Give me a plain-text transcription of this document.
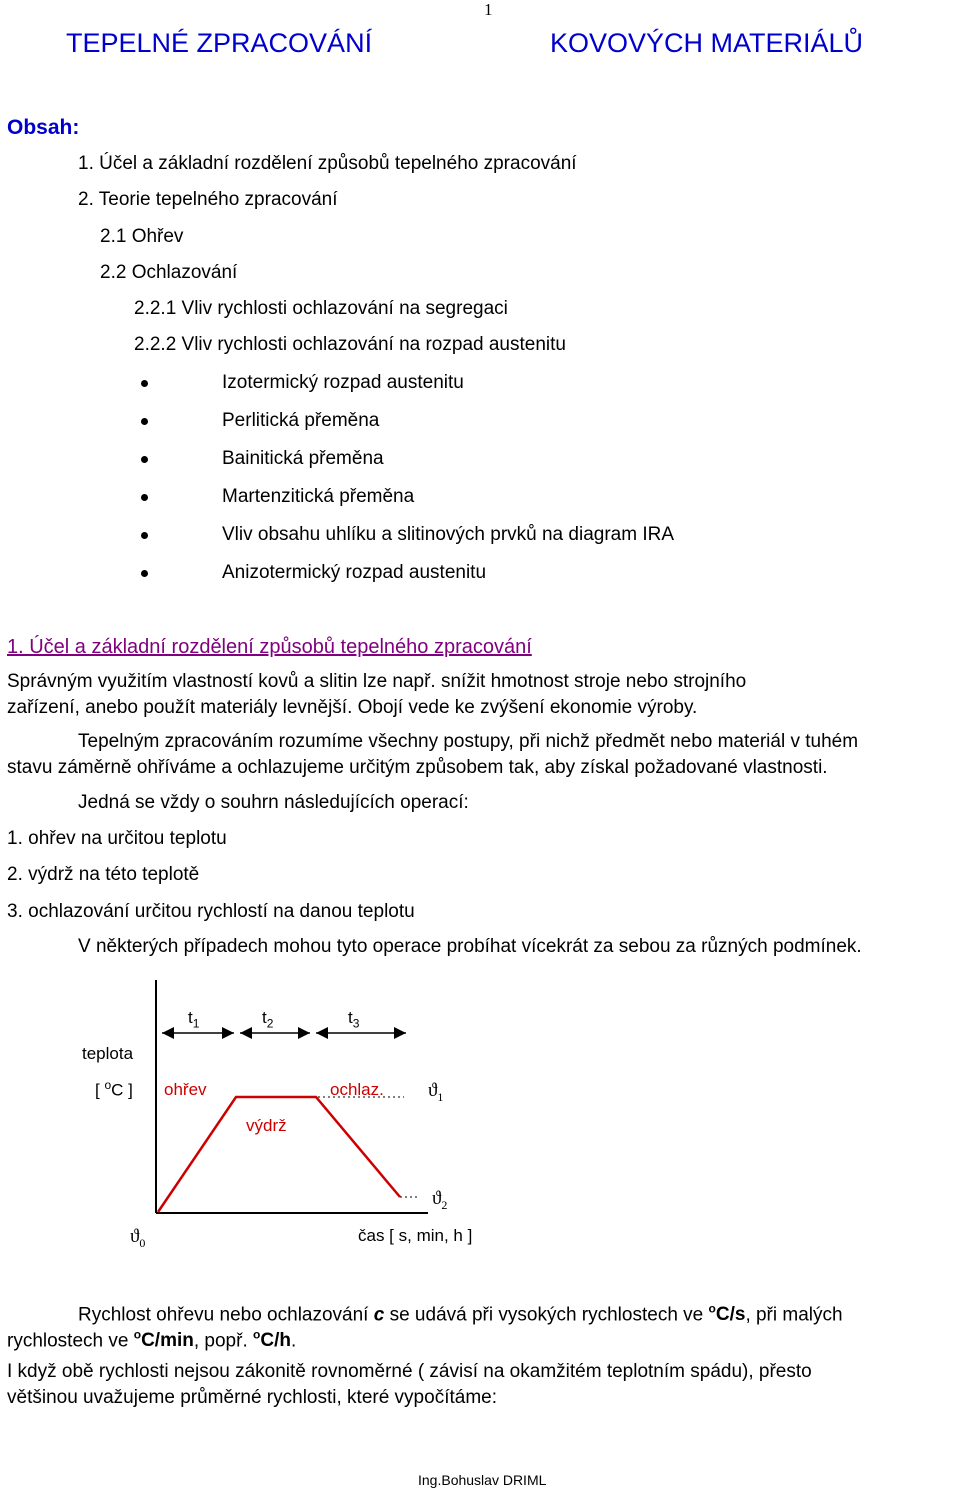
1
TEPELNÉ ZPRACOVÁNÍ	KOVOVÝCH MATERIÁLŮ
Obsah:
1. Účel a základní rozdělení způsobů tepelného zpracování
2. Teorie tepelného zpracování
2.1 Ohřev
2.2 Ochlazování
2.2.1 Vliv rychlosti ochlazování na segregaci
2.2.2 Vliv rychlosti ochlazování na rozpad austenitu
Izotermický rozpad austenitu
Perlitická přeměna
Bainitická přeměna
Martenzitická přeměna
Vliv obsahu uhlíku a slitinových prvků na diagram IRA
Anizotermický rozpad austenitu
1. Účel a základní rozdělení způsobů tepelného zpracování
Správným využitím vlastností kovů a slitin lze např. snížit hmotnost stroje nebo strojního
zařízení, anebo použít materiály levnější. Obojí vede ke zvýšení ekonomie výroby.
Tepelným zpracováním rozumíme všechny postupy, při nichž předmět nebo materiál v tuhém
stavu záměrně ohříváme a ochlazujeme určitým způsobem tak, aby získal požadované vlastnosti.
Jedná se vždy o souhrn následujících operací:
1. ohřev na určitou teplotu
2. výdrž na této teplotě
3. ochlazování určitou rychlostí na danou teplotu
V některých případech mohou tyto operace probíhat vícekrát za sebou za různých podmínek.
$t_1$	$t_2$	$t_3$
teplota
[ $^o$C ] ohřev
výdrž
ochlaz. $ϑ_1$
$ϑ_2$
$ϑ_0$	čas [ s, min, h ]
Rychlost ohřevu nebo ochlazování c se udává při vysokých rychlostech ve $^o$C/s, při malých
rychlostech ve $^o$C/min, popř. $^o$C/h.
I když obě rychlosti nejsou zákonitě rovnoměrné ( závisí na okamžitém teplotním spádu), přesto
většinou uvažujeme průměrné rychlosti, které vypočítáme:
Ing.Bohuslav DRIML
